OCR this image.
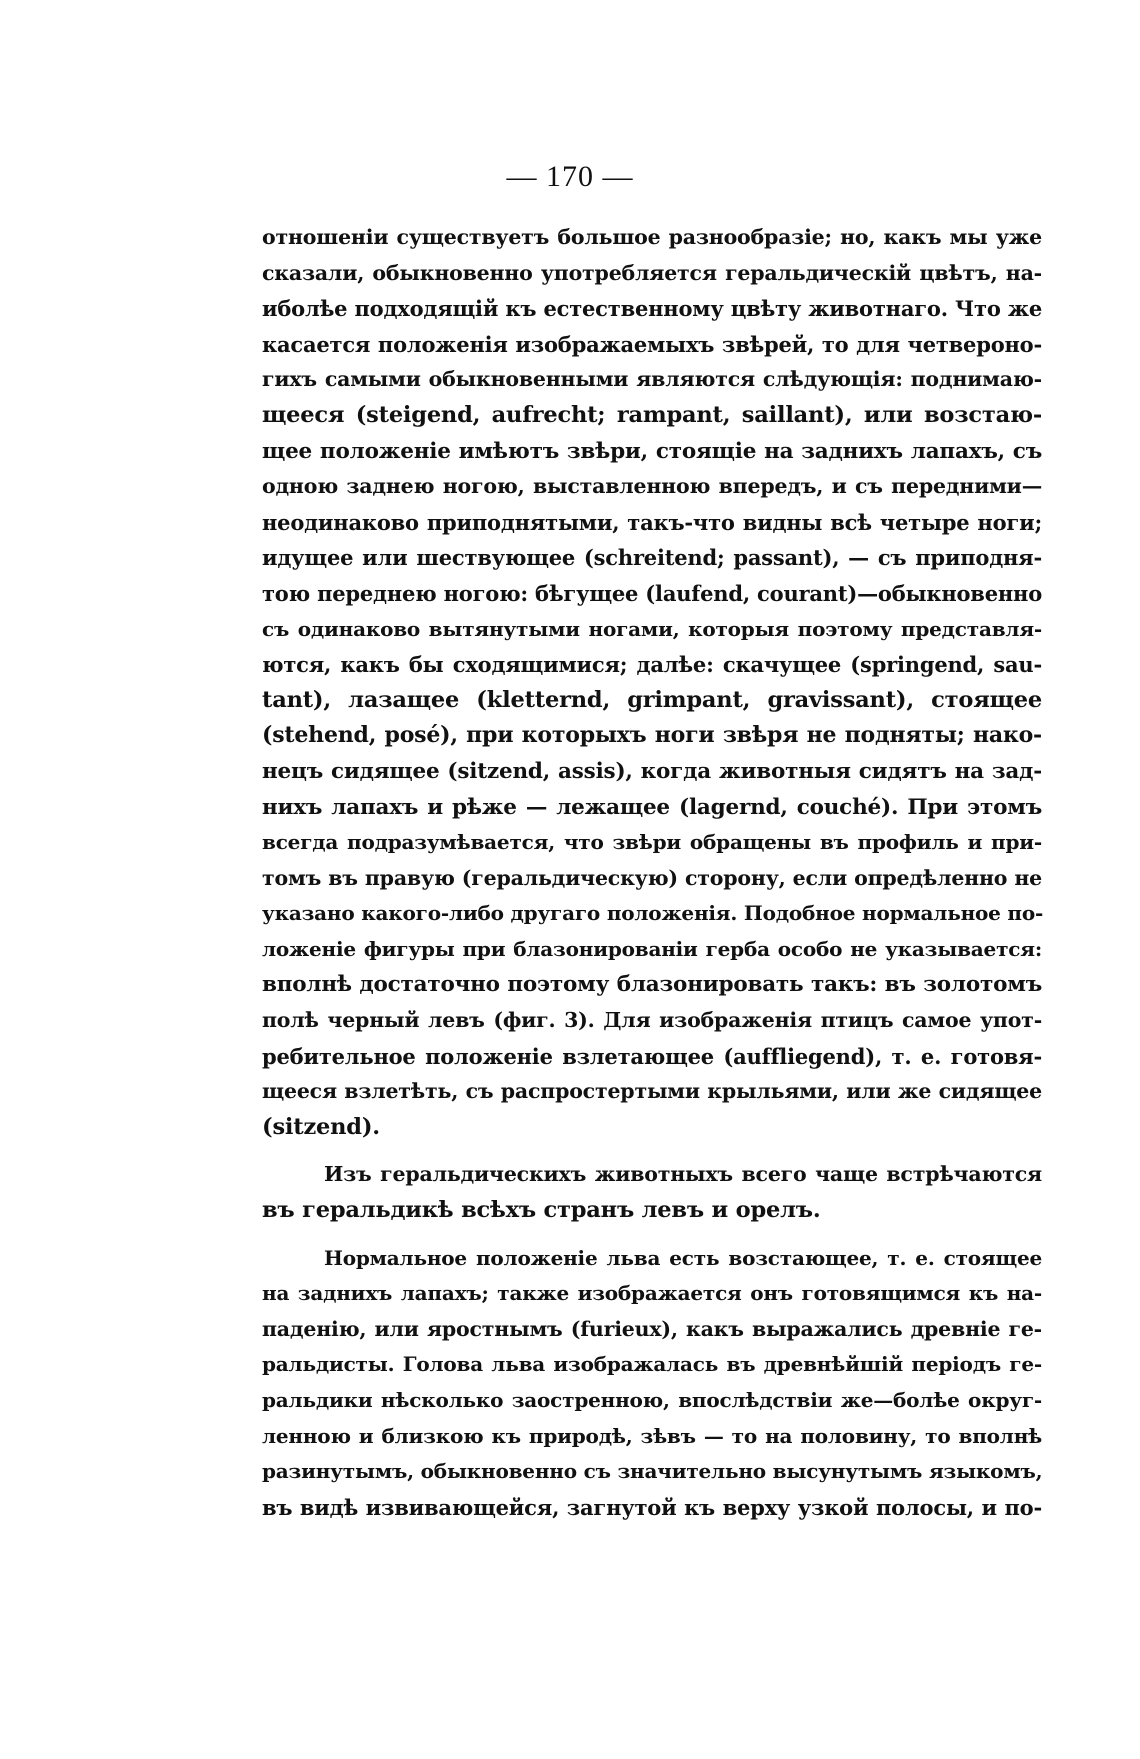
— 170 —
отношеніи существуетъ большое разнообразіе; но, какъ мы уже
сказали, обыкновенно употребляется геральдическій цвѣтъ, на-
иболѣе подходящій къ естественному цвѣту животнаго. Что же
касается положенія изображаемыхъ звѣрей, то для четвероно-
гихъ самыми обыкновенными являются слѣдующія: поднимаю-
щееся (steigend, aufrecht; rampant, saillant), или возстаю-
щее положеніе имѣютъ звѣри, стоящіе на заднихъ лапахъ, съ
одною заднею ногою, выставленною впередъ, и съ передними—
неодинаково приподнятыми, такъ-что видны всѣ четыре ноги;
идущее или шествующее (schreitend; passant), — съ приподня-
тою переднею ногою: бѣгущее (laufend, courant)—обыкновенно
съ одинаково вытянутыми ногами, которыя поэтому представля-
ются, какъ бы сходящимися; далѣе: скачущее (springend, sau-
tant), лазащее (kletternd, grimpant, gravissant), стоящее
(stehend, posé), при которыхъ ноги звѣря не подняты; нако-
нецъ сидящее (sitzend, assis), когда животныя сидятъ на зад-
нихъ лапахъ и рѣже — лежащее (lagernd, couché). При этомъ
всегда подразумѣвается, что звѣри обращены въ профиль и при-
томъ въ правую (геральдическую) сторону, если опредѣленно не
указано какого-либо другаго положенія. Подобное нормальное по-
ложеніе фигуры при блазонированіи герба особо не указывается:
вполнѣ достаточно поэтому блазонировать такъ: въ золотомъ
полѣ черный левъ (фиг. 3). Для изображенія птицъ самое упот-
ребительное положеніе взлетающее (auffliegend), т. е. готовя-
щееся взлетѣть, съ распростертыми крыльями, или же сидящее
(sitzend).
Изъ геральдическихъ животныхъ всего чаще встрѣчаются
въ геральдикѣ всѣхъ странъ левъ и орелъ.
Нормальное положеніе льва есть возстающее, т. е. стоящее
на заднихъ лапахъ; также изображается онъ готовящимся къ на-
паденію, или яростнымъ (furieux), какъ выражались древніе ге-
ральдисты. Голова льва изображалась въ древнѣйшій періодъ ге-
ральдики нѣсколько заостренною, впослѣдствіи же—болѣе округ-
ленною и близкою къ природѣ, зѣвъ — то на половину, то вполнѣ
разинутымъ, обыкновенно съ значительно высунутымъ языкомъ,
въ видѣ извивающейся, загнутой къ верху узкой полосы, и по-
